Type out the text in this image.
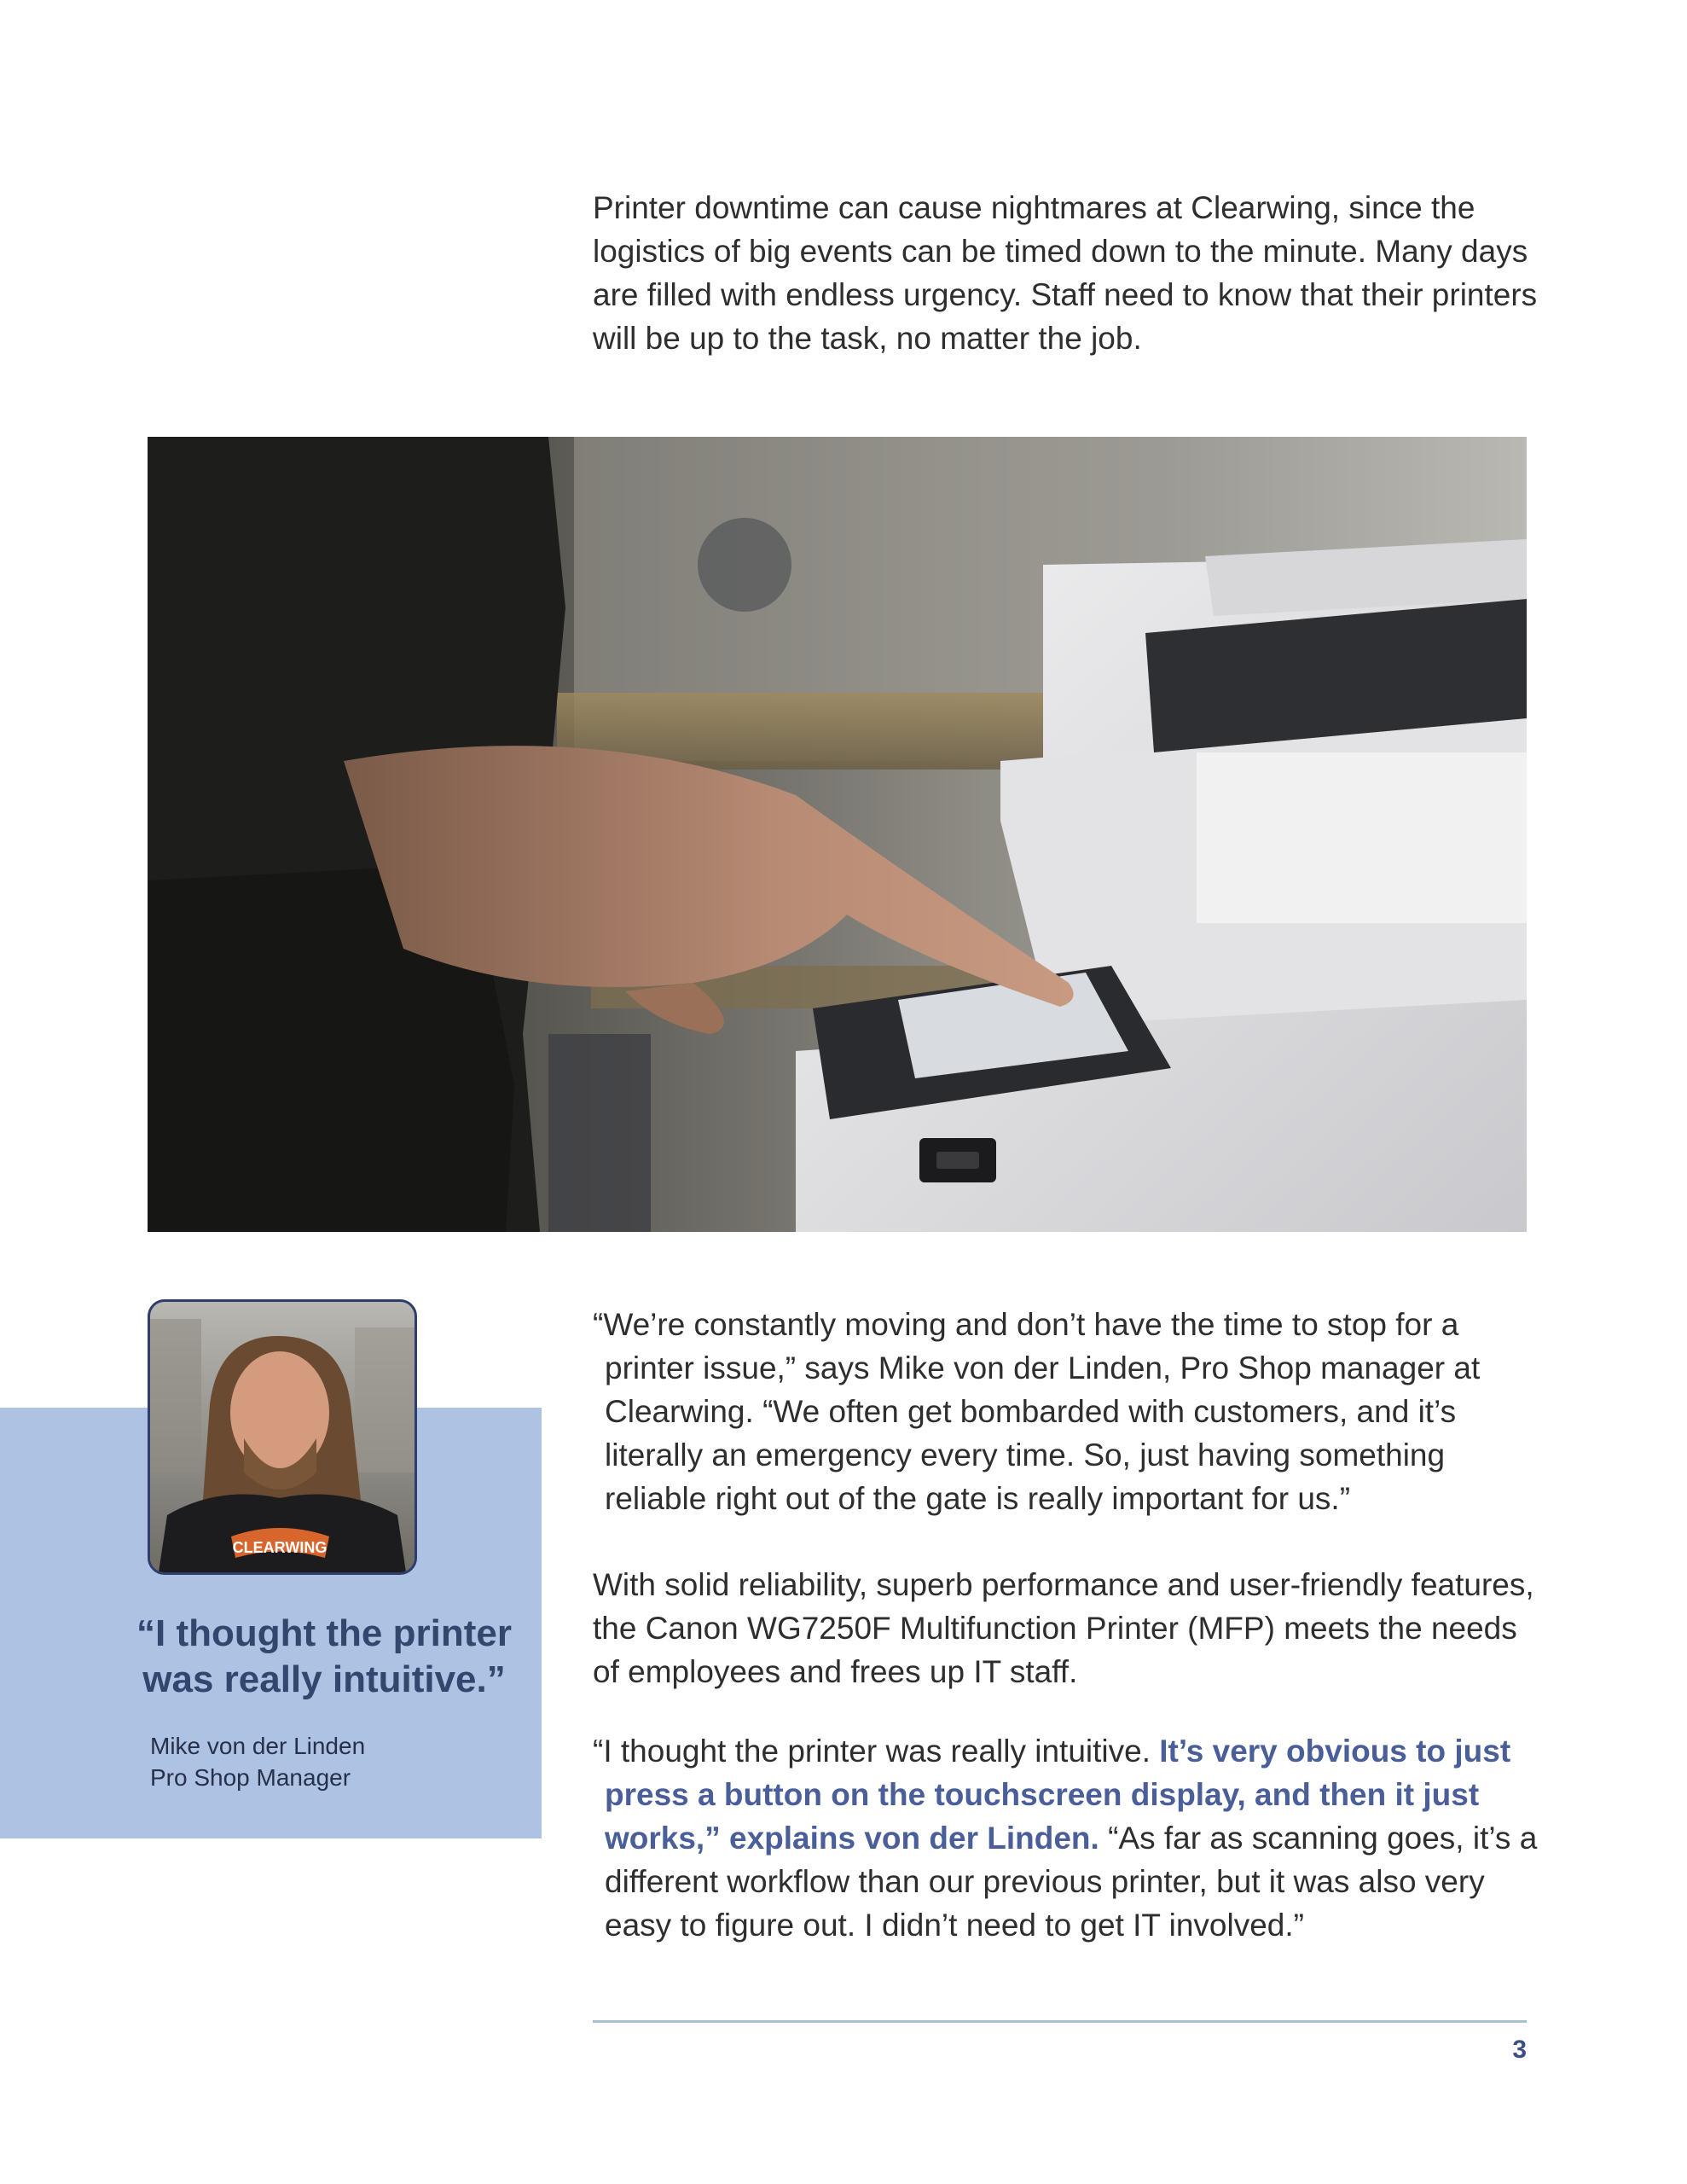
Printer downtime can cause nightmares at Clearwing, since the logistics of big events can be timed down to the minute. Many days are filled with endless urgency. Staff need to know that their printers will be up to the task, no matter the job.

“We’re constantly moving and don’t have the time to stop for a printer issue,” says Mike von der Linden, Pro Shop manager at Clearwing. “We often get bombarded with customers, and it’s literally an emergency every time. So, just having something reliable right out of the gate is really important for us.”

With solid reliability, superb performance and user-friendly features, the Canon WG7250F Multifunction Printer (MFP) meets the needs of employees and frees up IT staff.

“I thought the printer was really intuitive. It’s very obvious to just press a button on the touchscreen display, and then it just works,” explains von der Linden. “As far as scanning goes, it’s a different workflow than our previous printer, but it was also very easy to figure out. I didn’t need to get IT involved.”

CLEARWING
“I thought the printer was really intuitive.”
Mike von der Linden
Pro Shop Manager
3
